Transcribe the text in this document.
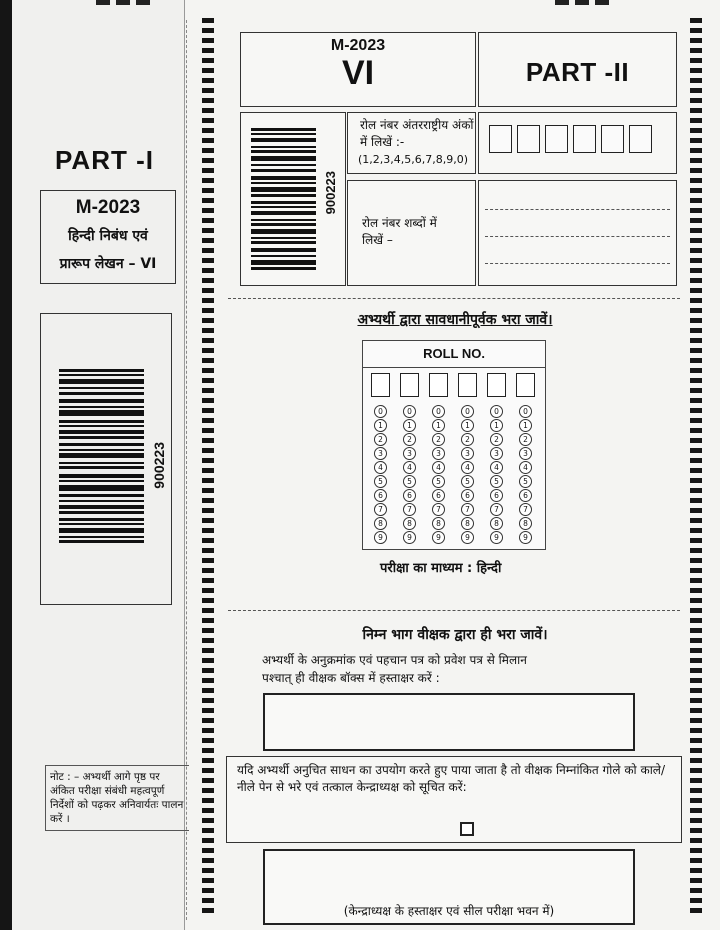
PART -I
M-2023
हिन्दी निबंध एवं
प्रारूप लेखन – VI
900223
नोट : – अभ्यर्थी आगे पृष्ठ पर अंकित परीक्षा संबंधी महत्वपूर्ण निर्देशों को पढ़कर अनिवार्यतः पालन करें ।
M-2023
VI	PART -II
900223
रोल नंबर अंतरराष्ट्रीय अंकों में लिखें :-
(1,2,3,4,5,6,7,8,9,0)
रोल नंबर शब्दों में लिखें –
अभ्यर्थी द्वारा सावधानीपूर्वक भरा जावें।
ROLL NO.
0
1
2
3
4
5
6
7
8
9
0
1
2
3
4
5
6
7
8
9
0
1
2
3
4
5
6
7
8
9
0
1
2
3
4
5
6
7
8
9
0
1
2
3
4
5
6
7
8
9
0
1
2
3
4
5
6
7
8
9
परीक्षा का माध्यम : हिन्दी
निम्न भाग वीक्षक द्वारा ही भरा जावें।
अभ्यर्थी के अनुक्रमांक एवं पहचान पत्र को प्रवेश पत्र से मिलान
पश्चात् ही वीक्षक बॉक्स में हस्ताक्षर करें :
यदि अभ्यर्थी अनुचित साधन का उपयोग करते हुए पाया जाता है तो वीक्षक निम्नांकित गोले को काले/नीले पेन से भरे एवं तत्काल केन्द्राध्यक्ष को सूचित करें:
(केन्द्राध्यक्ष के हस्ताक्षर एवं सील परीक्षा भवन में)
